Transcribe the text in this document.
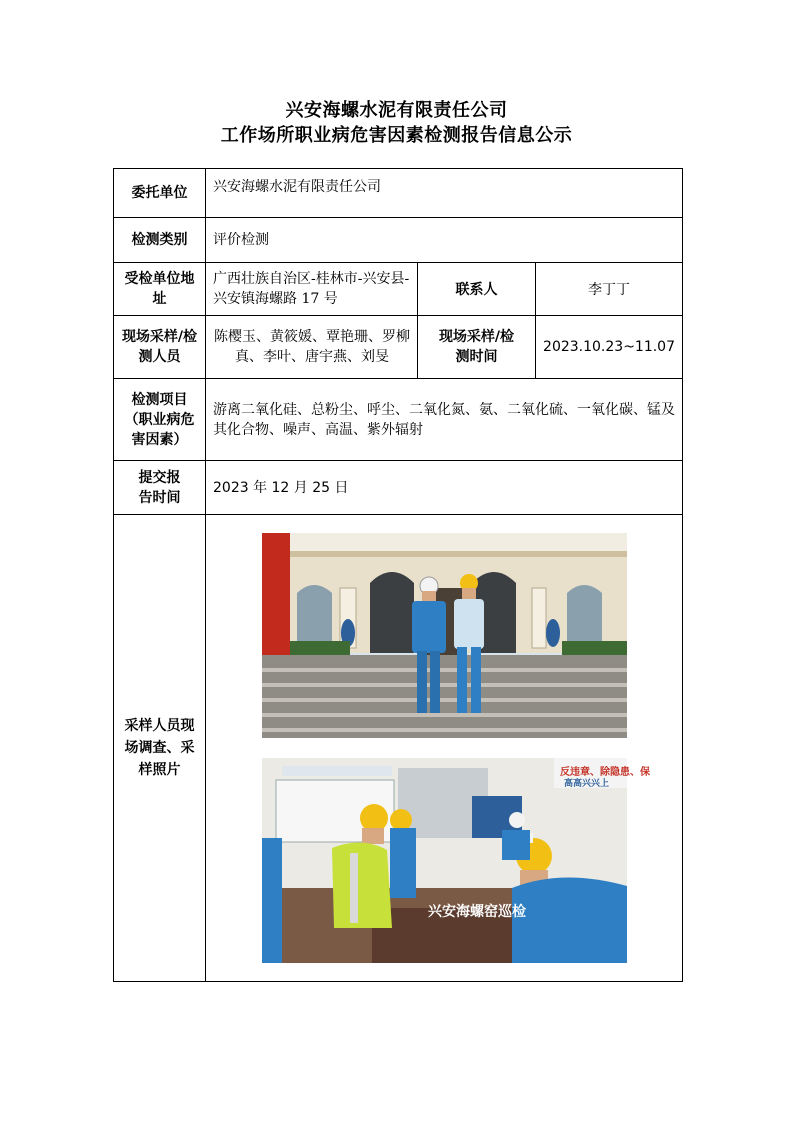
兴安海螺水泥有限责任公司
工作场所职业病危害因素检测报告信息公示
委托单位	兴安海螺水泥有限责任公司		

检测类别	评价检测		

受检单位地址	广西壮族自治区-桂林市-兴安县-兴安镇海螺路 17 号	联系人	李丁丁

现场采样/检测人员	陈樱玉、黄筱媛、覃艳珊、罗柳真、李叶、唐宇燕、刘旻	现场采样/检测时间	2023.10.23~11.07

检测项目（职业病危害因素）	游离二氧化硅、总粉尘、呼尘、二氧化氮、氨、二氧化硫、一氧化碳、锰及其化合物、噪声、高温、紫外辐射		

提交报告时间	2023 年 12 月 25 日		

采样人员现场调查、采样照片	反违章、除隐患、保
高高兴兴上
兴安海螺窑巡检		
